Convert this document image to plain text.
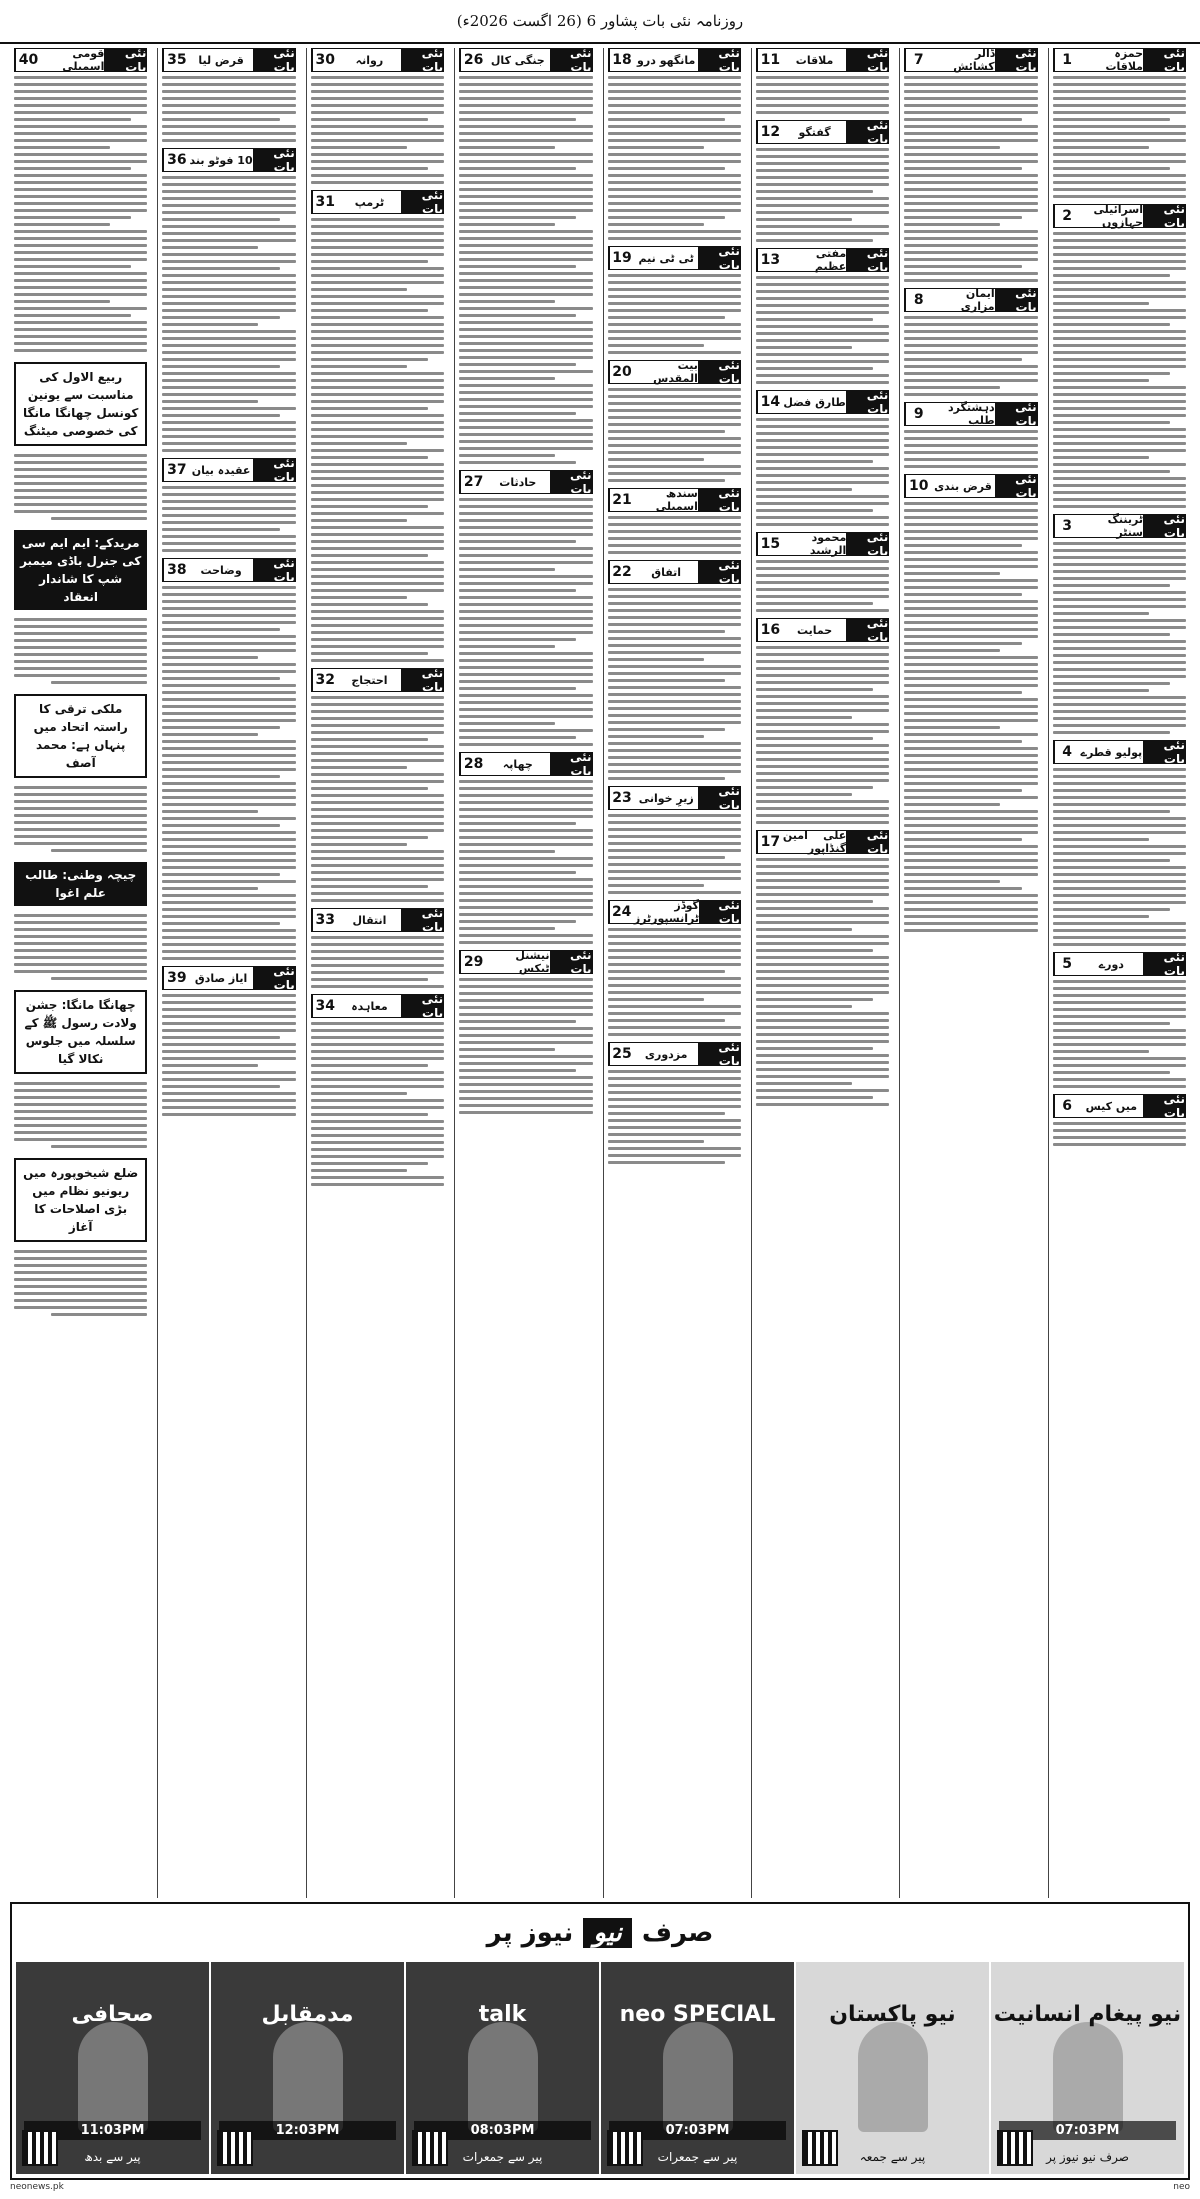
روزنامہ نئی بات پشاور 6 (26 اگست 2026ء)
نئی بات
حمزہ ملاقات
1
نئی بات
اسرائیلی جہازوں
2
نئی بات
ٹریننگ سنٹر
3
نئی بات
پولیو قطرے
4
نئی بات
دورے
5
نئی بات
میں کیس
6
نئی بات
ڈالر کشائش
7
نئی بات
ایمان مزاری
8
نئی بات
دہشتگرد طلب
9
نئی بات
قرض بندی
10
نئی بات
ملاقات
11
نئی بات
گفتگو
12
نئی بات
مفتی عظیم
13
نئی بات
طارق فضل
14
نئی بات
محمود الرشید
15
نئی بات
حمایت
16
نئی بات
علی امین گنڈاپور
17
نئی بات
مانگھو درو
18
نئی بات
ٹی ٹی نیم
19
نئی بات
بیت المقدس
20
نئی بات
سندھ اسمبلی
21
نئی بات
اتفاق
22
نئی بات
زیرِ خوانی
23
نئی بات
گوڈز ٹرانسپورٹرز
24
نئی بات
مزدوری
25
نئی بات
جنگی کال
26
نئی بات
حادثات
27
نئی بات
چھاپہ
28
نئی بات
نیشنل ٹیکس
29
نئی بات
روانہ
30
نئی بات
ٹرمپ
31
نئی بات
احتجاج
32
نئی بات
انتقال
33
نئی بات
معاہدہ
34
نئی بات
قرض لیا
35
نئی بات
10 فوٹو بند
36
نئی بات
عقیدہ بیان
37
نئی بات
وضاحت
38
نئی بات
ایاز صادق
39
نئی بات
قومی اسمبلی
40
ربیع الاول کی مناسبت سے یونین کونسل چھانگا مانگا کی خصوصی میٹنگ
مریدکے: ایم ایم سی کی جنرل باڈی میمبر شپ کا شاندار انعقاد
ملکی ترقی کا راستہ اتحاد میں پنہاں ہے: محمد آصف
چیچہ وطنی: طالب علم اغوا
چھانگا مانگا: جشن ولادت رسول ﷺ کے سلسلہ میں جلوس نکالا گیا
ضلع شیخوپورہ میں ریونیو نظام میں بڑی اصلاحات کا آغاز
صرف
نیو
نیوز پر
نیو پیغام انسانیت
07:03PM
صرف نیو نیوز پر
نیو پاکستان
پیر سے جمعہ
neo SPECIAL
07:03PM
پیر سے جمعرات
talk
08:03PM
پیر سے جمعرات
مدمقابل
12:03PM
صحافی
11:03PM
پیر سے بدھ
neonews.pk	neo
